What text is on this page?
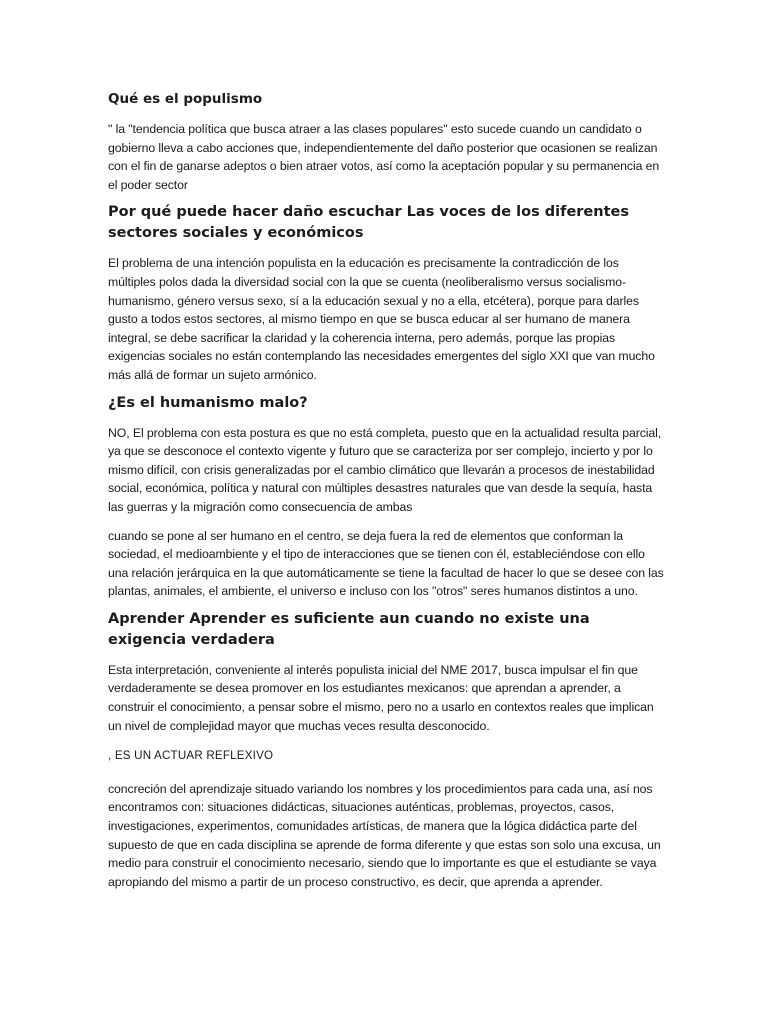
Qué es el populismo

" la "tendencia política que busca atraer a las clases populares" esto sucede cuando un candidato o gobierno lleva a cabo acciones que, independientemente del daño posterior que ocasionen se realizan con el fin de ganarse adeptos o bien atraer votos, así como la aceptación popular y su permanencia en el poder sector

Por qué puede hacer daño escuchar Las voces de los diferentes sectores sociales y económicos

El problema de una intención populista en la educación es precisamente la contradicción de los múltiples polos dada la diversidad social con la que se cuenta (neoliberalismo versus socialismo-humanismo, género versus sexo, sí a la educación sexual y no a ella, etcétera), porque para darles gusto a todos estos sectores, al mismo tiempo en que se busca educar al ser humano de manera integral, se debe sacrificar la claridad y la coherencia interna, pero además, porque las propias exigencias sociales no están contemplando las necesidades emergentes del siglo XXI que van mucho más allá de formar un sujeto armónico.

¿Es el humanismo malo?

NO, El problema con esta postura es que no está completa, puesto que en la actualidad resulta parcial, ya que se desconoce el contexto vigente y futuro que se caracteriza por ser complejo, incierto y por lo mismo difícil, con crisis generalizadas por el cambio climático que llevarán a procesos de inestabilidad social, económica, política y natural con múltiples desastres naturales que van desde la sequía, hasta las guerras y la migración como consecuencia de ambas

cuando se pone al ser humano en el centro, se deja fuera la red de elementos que conforman la sociedad, el medioambiente y el tipo de interacciones que se tienen con él, estableciéndose con ello una relación jerárquica en la que automáticamente se tiene la facultad de hacer lo que se desee con las plantas, animales, el ambiente, el universo e incluso con los "otros" seres humanos distintos a uno.

Aprender Aprender es suficiente aun cuando no existe una exigencia verdadera

Esta interpretación, conveniente al interés populista inicial del NME 2017, busca impulsar el fin que verdaderamente se desea promover en los estudiantes mexicanos: que aprendan a aprender, a construir el conocimiento, a pensar sobre el mismo, pero no a usarlo en contextos reales que implican un nivel de complejidad mayor que muchas veces resulta desconocido.

, ES UN ACTUAR REFLEXIVO

concreción del aprendizaje situado variando los nombres y los procedimientos para cada una, así nos encontramos con: situaciones didácticas, situaciones auténticas, problemas, proyectos, casos, investigaciones, experimentos, comunidades artísticas, de manera que la lógica didáctica parte del supuesto de que en cada disciplina se aprende de forma diferente y que estas son solo una excusa, un medio para construir el conocimiento necesario, siendo que lo importante es que el estudiante se vaya apropiando del mismo a partir de un proceso constructivo, es decir, que aprenda a aprender.
